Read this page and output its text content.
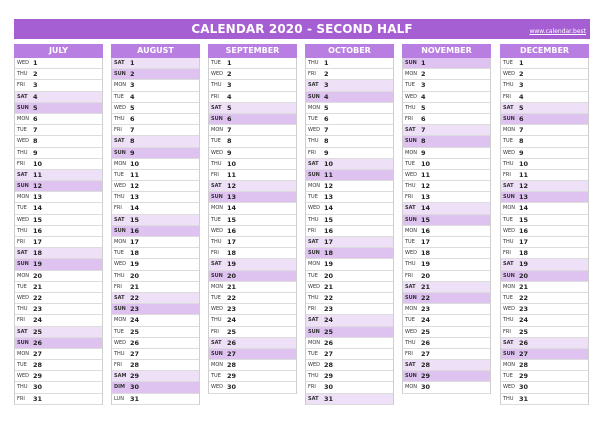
CALENDAR 2020 - SECOND HALF	www.calendar.best
JULY
WED 1
THU 2
FRI 3
SAT 4
SUN 5
MON 6
TUE 7
WED 8
THU 9
FRI 10
SAT 11
SUN 12
MON 13
TUE 14
WED 15
THU 16
FRI 17
SAT 18
SUN 19
MON 20
TUE 21
WED 22
THU 23
FRI 24
SAT 25
SUN 26
MON 27
TUE 28
WED 29
THU 30
FRI 31
AUGUST
SAT 1
SUN 2
MON 3
TUE 4
WED 5
THU 6
FRI 7
SAT 8
SUN 9
MON 10
TUE 11
WED 12
THU 13
FRI 14
SAT 15
SUN 16
MON 17
TUE 18
WED 19
THU 20
FRI 21
SAT 22
SUN 23
MON 24
TUE 25
WED 26
THU 27
FRI 28
SAM 29
DIM 30
LUN 31
SEPTEMBER
TUE 1
WED 2
THU 3
FRI 4
SAT 5
SUN 6
MON 7
TUE 8
WED 9
THU 10
FRI 11
SAT 12
SUN 13
MON 14
TUE 15
WED 16
THU 17
FRI 18
SAT 19
SUN 20
MON 21
TUE 22
WED 23
THU 24
FRI 25
SAT 26
SUN 27
MON 28
TUE 29
WED 30
OCTOBER
THU 1
FRI 2
SAT 3
SUN 4
MON 5
TUE 6
WED 7
THU 8
FRI 9
SAT 10
SUN 11
MON 12
TUE 13
WED 14
THU 15
FRI 16
SAT 17
SUN 18
MON 19
TUE 20
WED 21
THU 22
FRI 23
SAT 24
SUN 25
MON 26
TUE 27
WED 28
THU 29
FRI 30
SAT 31
NOVEMBER
SUN 1
MON 2
TUE 3
WED 4
THU 5
FRI 6
SAT 7
SUN 8
MON 9
TUE 10
WED 11
THU 12
FRI 13
SAT 14
SUN 15
MON 16
TUE 17
WED 18
THU 19
FRI 20
SAT 21
SUN 22
MON 23
TUE 24
WED 25
THU 26
FRI 27
SAT 28
SUN 29
MON 30
DECEMBER
TUE 1
WED 2
THU 3
FRI 4
SAT 5
SUN 6
MON 7
TUE 8
WED 9
THU 10
FRI 11
SAT 12
SUN 13
MON 14
TUE 15
WED 16
THU 17
FRI 18
SAT 19
SUN 20
MON 21
TUE 22
WED 23
THU 24
FRI 25
SAT 26
SUN 27
MON 28
TUE 29
WED 30
THU 31
